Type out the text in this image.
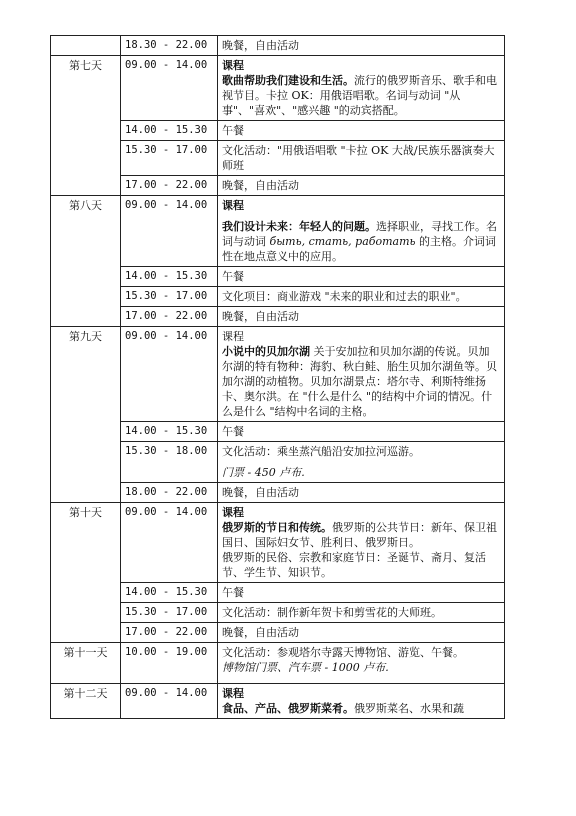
	18.30 - 22.00	晚餐，自由活动
第七天	09.00 - 14.00	课程

歌曲帮助我们建设和生活。流行的俄罗斯音乐、歌手和电视节目。卡拉 OK：用俄语唱歌。名词与动词 "从事"、"喜欢"、"感兴趣 "的动宾搭配。

	14.00 - 15.30	午餐
	15.30 - 17.00	文化活动："用俄语唱歌 "卡拉 OK 大战/民族乐器演奏大师班
	17.00 - 22.00	晚餐，自由活动
第八天	09.00 - 14.00	课程

我们设计未来：年轻人的问题。选择职业，寻找工作。名词与动词 быть, стать, работать 的主格。介词词性在地点意义中的应用。

	14.00 - 15.30	午餐
	15.30 - 17.00	文化项目：商业游戏 "未来的职业和过去的职业"。
	17.00 - 22.00	晚餐，自由活动
第九天	09.00 - 14.00	课程

小说中的贝加尔湖 关于安加拉和贝加尔湖的传说。贝加尔湖的特有物种：海豹、秋白鲑、胎生贝加尔湖鱼等。贝加尔湖的动植物。贝加尔湖景点：塔尔寺、利斯特维扬卡、奥尔洪。在 "什么是什么 "的结构中介词的情况。什么是什么 "结构中名词的主格。

	14.00 - 15.30	午餐
	15.30 - 18.00	文化活动：乘坐蒸汽船沿安加拉河巡游。

门票 - 450 卢布.

	18.00 - 22.00	晚餐，自由活动
第十天	09.00 - 14.00	课程

俄罗斯的节日和传统。俄罗斯的公共节日：新年、保卫祖国日、国际妇女节、胜利日、俄罗斯日。

俄罗斯的民俗、宗教和家庭节日：圣诞节、斋月、复活节、学生节、知识节。

	14.00 - 15.30	午餐
	15.30 - 17.00	文化活动：制作新年贺卡和剪雪花的大师班。
	17.00 - 22.00	晚餐，自由活动
第十一天	10.00 - 19.00	文化活动：参观塔尔寺露天博物馆、游览、午餐。

博物馆门票、汽车票 - 1000 卢布.

第十二天	09.00 - 14.00	课程

食品、产品、俄罗斯菜肴。俄罗斯菜名、水果和蔬
